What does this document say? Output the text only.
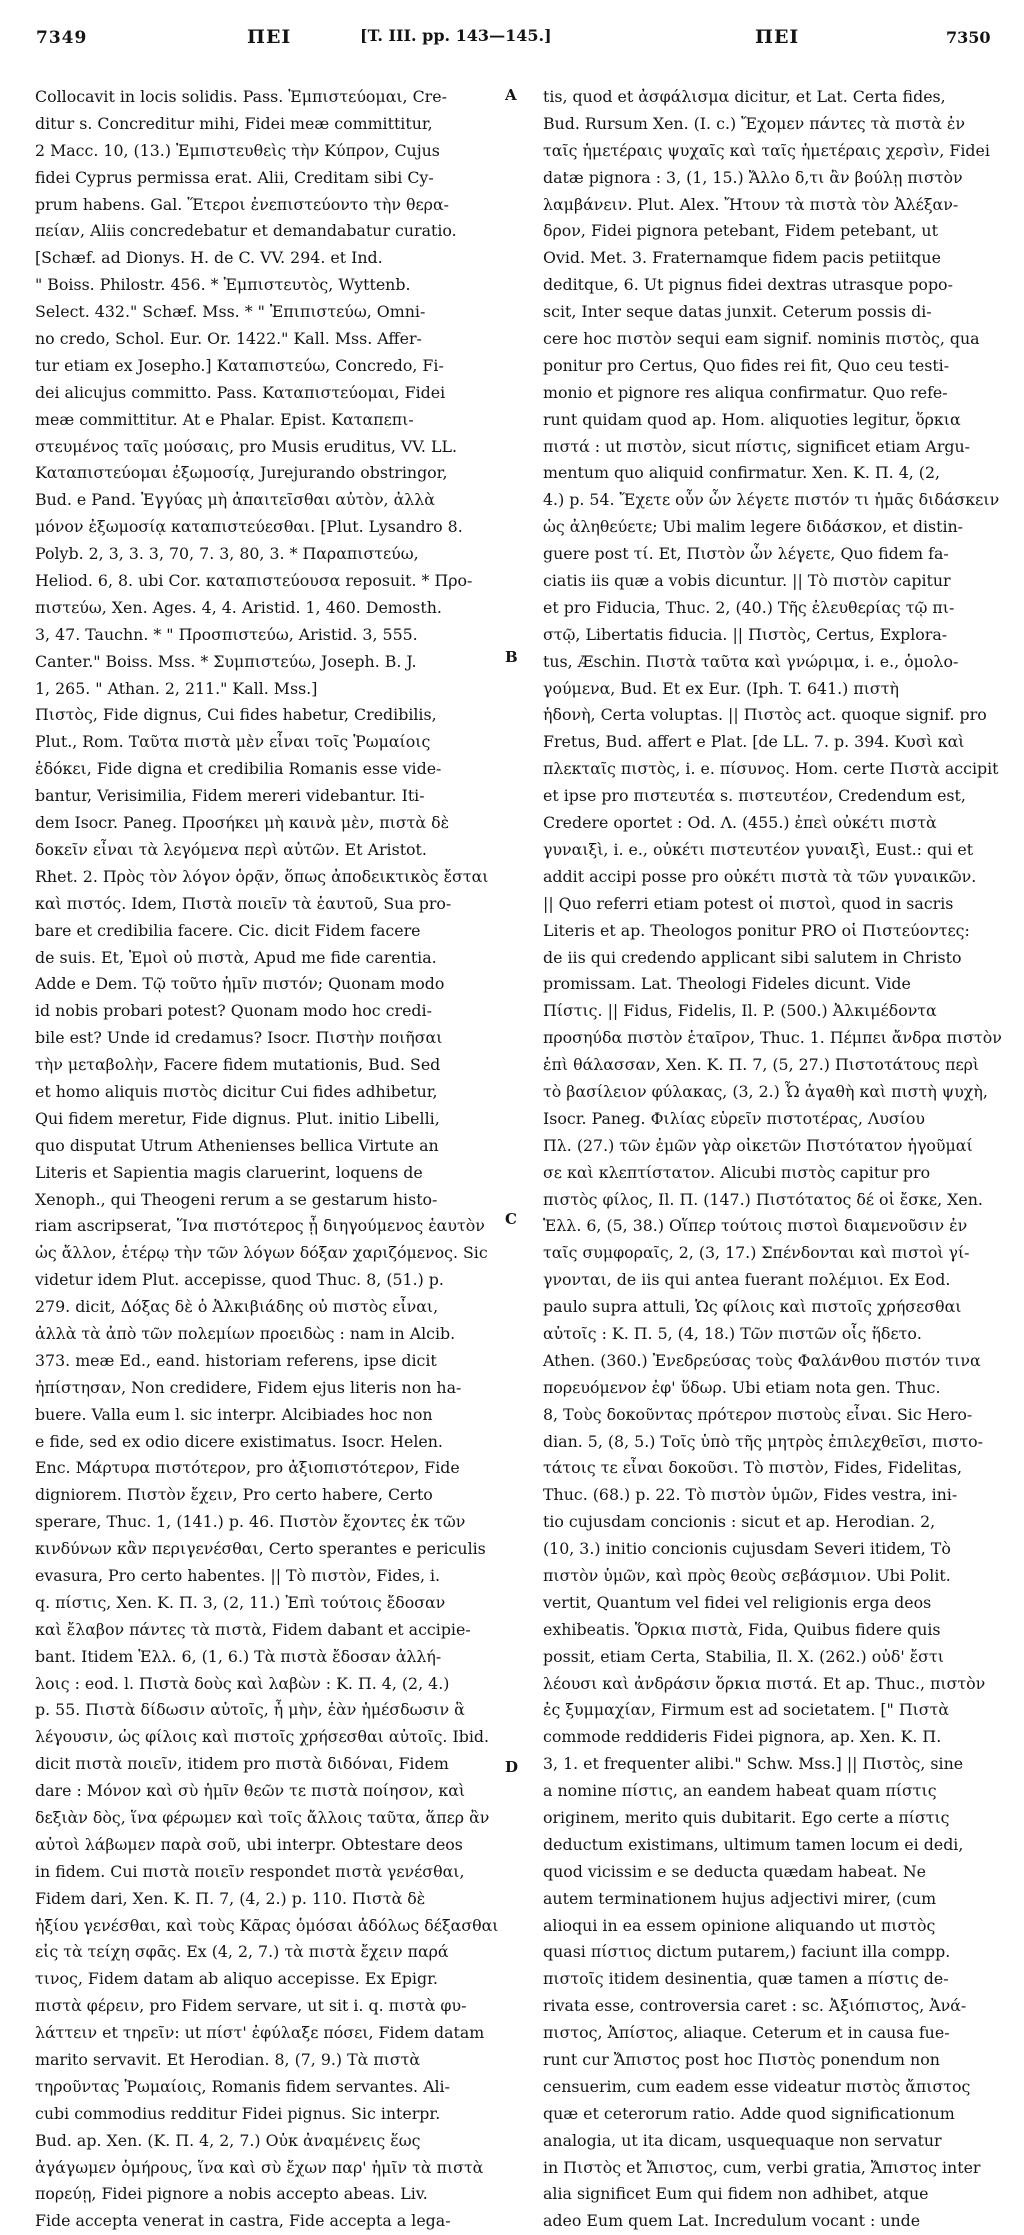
7349	ΠΕΙ	[T. III. pp. 143—145.]	ΠΕΙ	7350
Collocavit in locis solidis. Pass. Ἐμπιστεύομαι, Cre-
ditur s. Concreditur mihi, Fidei meæ committitur,
2 Macc. 10, (13.) Ἐμπιστευθεὶς τὴν Κύπρον, Cujus
fidei Cyprus permissa erat. Alii, Creditam sibi Cy-
prum habens. Gal. Ἕτεροι ἐνεπιστεύοντο τὴν θερα-
πείαν, Aliis concredebatur et demandabatur curatio.
[Schæf. ad Dionys. H. de C. VV. 294. et Ind.
" Boiss. Philostr. 456. * Ἐμπιστευτὸς, Wyttenb.
Select. 432." Schæf. Mss. * " Ἐπιπιστεύω, Omni-
no credo, Schol. Eur. Or. 1422." Kall. Mss. Affer-
tur etiam ex Josepho.] Καταπιστεύω, Concredo, Fi-
dei alicujus committo. Pass. Καταπιστεύομαι, Fidei
meæ committitur. At e Phalar. Epist. Καταπεπι-
στευμένος ταῖς μούσαις, pro Musis eruditus, VV. LL.
Καταπιστεύομαι ἐξωμοσίᾳ, Jurejurando obstringor,
Bud. e Pand. Ἐγγύας μὴ ἀπαιτεῖσθαι αὐτὸν, ἀλλὰ
μόνον ἐξωμοσίᾳ καταπιστεύεσθαι. [Plut. Lysandro 8.
Polyb. 2, 3, 3. 3, 70, 7. 3, 80, 3. * Παραπιστεύω,
Heliod. 6, 8. ubi Cor. καταπιστεύουσα reposuit. * Προ-
πιστεύω, Xen. Ages. 4, 4. Aristid. 1, 460. Demosth.
3, 47. Tauchn. * " Προσπιστεύω, Aristid. 3, 555.
Canter." Boiss. Mss. * Συμπιστεύω, Joseph. B. J.
1, 265. " Athan. 2, 211." Kall. Mss.]
Πιστὸς, Fide dignus, Cui fides habetur, Credibilis,
Plut., Rom. Ταῦτα πιστὰ μὲν εἶναι τοῖς Ῥωμαίοις
ἐδόκει, Fide digna et credibilia Romanis esse vide-
bantur, Verisimilia, Fidem mereri videbantur. Iti-
dem Isocr. Paneg. Προσήκει μὴ καινὰ μὲν, πιστὰ δὲ
δοκεῖν εἶναι τὰ λεγόμενα περὶ αὐτῶν. Et Aristot.
Rhet. 2. Πρὸς τὸν λόγον ὁρᾷν, ὅπως ἀποδεικτικὸς ἔσται
καὶ πιστός. Idem, Πιστὰ ποιεῖν τὰ ἑαυτοῦ, Sua pro-
bare et credibilia facere. Cic. dicit Fidem facere
de suis. Et, Ἐμοὶ οὐ πιστὰ, Apud me fide carentia.
Adde e Dem. Τῷ τοῦτο ἡμῖν πιστόν; Quonam modo
id nobis probari potest? Quonam modo hoc credi-
bile est? Unde id credamus? Isocr. Πιστὴν ποιῆσαι
τὴν μεταβολὴν, Facere fidem mutationis, Bud. Sed
et homo aliquis πιστὸς dicitur Cui fides adhibetur,
Qui fidem meretur, Fide dignus. Plut. initio Libelli,
quo disputat Utrum Athenienses bellica Virtute an
Literis et Sapientia magis claruerint, loquens de
Xenoph., qui Theogeni rerum a se gestarum histo-
riam ascripserat, Ἵνα πιστότερος ᾖ διηγούμενος ἑαυτὸν
ὡς ἄλλον, ἑτέρῳ τὴν τῶν λόγων δόξαν χαριζόμενος. Sic
videtur idem Plut. accepisse, quod Thuc. 8, (51.) p.
279. dicit, Δόξας δὲ ὁ Ἀλκιβιάδης οὐ πιστὸς εἶναι,
ἀλλὰ τὰ ἀπὸ τῶν πολεμίων προειδὼς : nam in Alcib.
373. meæ Ed., eand. historiam referens, ipse dicit
ἠπίστησαν, Non credidere, Fidem ejus literis non ha-
buere. Valla eum l. sic interpr. Alcibiades hoc non
e fide, sed ex odio dicere existimatus. Isocr. Helen.
Enc. Μάρτυρα πιστότερον, pro ἀξιοπιστότερον, Fide
digniorem. Πιστὸν ἔχειν, Pro certo habere, Certo
sperare, Thuc. 1, (141.) p. 46. Πιστὸν ἔχοντες ἐκ τῶν
κινδύνων κἂν περιγενέσθαι, Certo sperantes e periculis
evasura, Pro certo habentes. || Τὸ πιστὸν, Fides, i.
q. πίστις, Xen. K. Π. 3, (2, 11.) Ἐπὶ τούτοις ἔδοσαν
καὶ ἔλαβον πάντες τὰ πιστὰ, Fidem dabant et accipie-
bant. Itidem Ἑλλ. 6, (1, 6.) Τὰ πιστὰ ἔδοσαν ἀλλή-
λοις : eod. l. Πιστὰ δοὺς καὶ λαβὼν : K. Π. 4, (2, 4.)
p. 55. Πιστὰ δίδωσιν αὐτοῖς, ἦ μὴν, ἐὰν ἡμέσδωσιν ἃ
λέγουσιν, ὡς φίλοις καὶ πιστοῖς χρήσεσθαι αὐτοῖς. Ibid.
dicit πιστὰ ποιεῖν, itidem pro πιστὰ διδόναι, Fidem
dare : Μόνον καὶ σὺ ἡμῖν θεῶν τε πιστὰ ποίησον, καὶ
δεξιὰν δὸς, ἵνα φέρωμεν καὶ τοῖς ἄλλοις ταῦτα, ἅπερ ἂν
αὐτοὶ λάβωμεν παρὰ σοῦ, ubi interpr. Obtestare deos
in fidem. Cui πιστὰ ποιεῖν respondet πιστὰ γενέσθαι,
Fidem dari, Xen. K. Π. 7, (4, 2.) p. 110. Πιστὰ δὲ
ἠξίου γενέσθαι, καὶ τοὺς Κᾶρας ὁμόσαι ἀδόλως δέξασθαι
εἰς τὰ τείχη σφᾶς. Ex (4, 2, 7.) τὰ πιστὰ ἔχειν παρά
τινος, Fidem datam ab aliquo accepisse. Ex Epigr.
πιστὰ φέρειν, pro Fidem servare, ut sit i. q. πιστὰ φυ-
λάττειν et τηρεῖν: ut πίστ' ἐφύλαξε πόσει, Fidem datam
marito servavit. Et Herodian. 8, (7, 9.) Τὰ πιστὰ
τηροῦντας Ῥωμαίοις, Romanis fidem servantes. Ali-
cubi commodius redditur Fidei pignus. Sic interpr.
Bud. ap. Xen. (K. Π. 4, 2, 7.) Οὐκ ἀναμένεις ἕως
ἀγάγωμεν ὁμήρους, ἵνα καὶ σὺ ἔχων παρ' ἡμῖν τὰ πιστὰ
πορεύῃ, Fidei pignore a nobis accepto abeas. Liv.
Fide accepta venerat in castra, Fide accepta a lega-
A
B
C
D
tis, quod et ἀσφάλισμα dicitur, et Lat. Certa fides,
Bud. Rursum Xen. (I. c.) Ἔχομεν πάντες τὰ πιστὰ ἐν
ταῖς ἡμετέραις ψυχαῖς καὶ ταῖς ἡμετέραις χερσὶν, Fidei
datæ pignora : 3, (1, 15.) Ἄλλο δ,τι ἂν βούλῃ πιστὸν
λαμβάνειν. Plut. Alex. Ἤτουν τὰ πιστὰ τὸν Ἀλέξαν-
δρον, Fidei pignora petebant, Fidem petebant, ut
Ovid. Met. 3. Fraternamque fidem pacis petiitque
deditque, 6. Ut pignus fidei dextras utrasque popo-
scit, Inter seque datas junxit. Ceterum possis di-
cere hoc πιστὸν sequi eam signif. nominis πιστὸς, qua
ponitur pro Certus, Quo fides rei fit, Quo ceu testi-
monio et pignore res aliqua confirmatur. Quo refe-
runt quidam quod ap. Hom. aliquoties legitur, ὅρκια
πιστά : ut πιστὸν, sicut πίστις, significet etiam Argu-
mentum quo aliquid confirmatur. Xen. K. Π. 4, (2,
4.) p. 54. Ἔχετε οὖν ὧν λέγετε πιστόν τι ἡμᾶς διδάσκειν
ὡς ἀληθεύετε; Ubi malim legere διδάσκον, et distin-
guere post τί. Et, Πιστὸν ὧν λέγετε, Quo fidem fa-
ciatis iis quæ a vobis dicuntur. || Τὸ πιστὸν capitur
et pro Fiducia, Thuc. 2, (40.) Τῆς ἐλευθερίας τῷ πι-
στῷ, Libertatis fiducia. || Πιστὸς, Certus, Explora-
tus, Æschin. Πιστὰ ταῦτα καὶ γνώριμα, i. e., ὁμολο-
γούμενα, Bud. Et ex Eur. (Iph. T. 641.) πιστὴ
ἡδονὴ, Certa voluptas. || Πιστὸς act. quoque signif. pro
Fretus, Bud. affert e Plat. [de LL. 7. p. 394. Κυσὶ καὶ
πλεκταῖς πιστὸς, i. e. πίσυνος. Hom. certe Πιστὰ accipit
et ipse pro πιστευτέα s. πιστευτέον, Credendum est,
Credere oportet : Od. Λ. (455.) ἐπεὶ οὐκέτι πιστὰ
γυναιξὶ, i. e., οὐκέτι πιστευτέον γυναιξὶ, Eust.: qui et
addit accipi posse pro οὐκέτι πιστὰ τὰ τῶν γυναικῶν.
|| Quo referri etiam potest οἱ πιστοὶ, quod in sacris
Literis et ap. Theologos ponitur PRO οἱ Πιστεύοντες:
de iis qui credendo applicant sibi salutem in Christo
promissam. Lat. Theologi Fideles dicunt. Vide
Πίστις. || Fidus, Fidelis, Il. P. (500.) Ἀλκιμέδοντα
προσηύδα πιστὸν ἑταῖρον, Thuc. 1. Πέμπει ἄνδρα πιστὸν
ἐπὶ θάλασσαν, Xen. K. Π. 7, (5, 27.) Πιστοτάτους περὶ
τὸ βασίλειον φύλακας, (3, 2.) Ὦ ἀγαθὴ καὶ πιστὴ ψυχὴ,
Isocr. Paneg. Φιλίας εὑρεῖν πιστοτέρας, Λυσίου
Πλ. (27.) τῶν ἐμῶν γὰρ οἰκετῶν Πιστότατον ἡγοῦμαί
σε καὶ κλεπτίστατον. Alicubi πιστὸς capitur pro
πιστὸς φίλος, Il. Π. (147.) Πιστότατος δέ οἱ ἔσκε, Xen.
Ἑλλ. 6, (5, 38.) Οἵπερ τούτοις πιστοὶ διαμενοῦσιν ἐν
ταῖς συμφοραῖς, 2, (3, 17.) Σπένδονται καὶ πιστοὶ γί-
γνονται, de iis qui antea fuerant πολέμιοι. Ex Eod.
paulo supra attuli, Ὡς φίλοις καὶ πιστοῖς χρήσεσθαι
αὐτοῖς : K. Π. 5, (4, 18.) Τῶν πιστῶν οἷς ἥδετο.
Athen. (360.) Ἐνεδρεύσας τοὺς Φαλάνθου πιστόν τινα
πορευόμενον ἐφ' ὕδωρ. Ubi etiam nota gen. Thuc.
8, Τοὺς δοκοῦντας πρότερον πιστοὺς εἶναι. Sic Hero-
dian. 5, (8, 5.) Τοῖς ὑπὸ τῆς μητρὸς ἐπιλεχθεῖσι, πιστο-
τάτοις τε εἶναι δοκοῦσι. Τὸ πιστὸν, Fides, Fidelitas,
Thuc. (68.) p. 22. Τὸ πιστὸν ὑμῶν, Fides vestra, ini-
tio cujusdam concionis : sicut et ap. Herodian. 2,
(10, 3.) initio concionis cujusdam Severi itidem, Τὸ
πιστὸν ὑμῶν, καὶ πρὸς θεοὺς σεβάσμιον. Ubi Polit.
vertit, Quantum vel fidei vel religionis erga deos
exhibeatis. Ὅρκια πιστὰ, Fida, Quibus fidere quis
possit, etiam Certa, Stabilia, Il. X. (262.) οὐδ' ἔστι
λέουσι καὶ ἀνδράσιν ὅρκια πιστά. Et ap. Thuc., πιστὸν
ἐς ξυμμαχίαν, Firmum est ad societatem. [" Πιστὰ
commode reddideris Fidei pignora, ap. Xen. K. Π.
3, 1. et frequenter alibi." Schw. Mss.] || Πιστὸς, sine
a nomine πίστις, an eandem habeat quam πίστις
originem, merito quis dubitarit. Ego certe a πίστις
deductum existimans, ultimum tamen locum ei dedi,
quod vicissim e se deducta quædam habeat. Ne
autem terminationem hujus adjectivi mirer, (cum
alioqui in ea essem opinione aliquando ut πιστὸς
quasi πίστιος dictum putarem,) faciunt illa compp.
πιστοῖς itidem desinentia, quæ tamen a πίστις de-
rivata esse, controversia caret : sc. Ἀξιόπιστος, Ἀνά-
πιστος, Ἀπίστος, aliaque. Ceterum et in causa fue-
runt cur Ἄπιστος post hoc Πιστὸς ponendum non
censuerim, cum eadem esse videatur πιστὸς ἄπιστος
quæ et ceterorum ratio. Adde quod significationum
analogia, ut ita dicam, usquequaque non servatur
in Πιστὸς et Ἄπιστος, cum, verbi gratia, Ἄπιστος inter
alia significet Eum qui fidem non adhibet, atque
adeo Eum quem Lat. Incredulum vocant : unde
